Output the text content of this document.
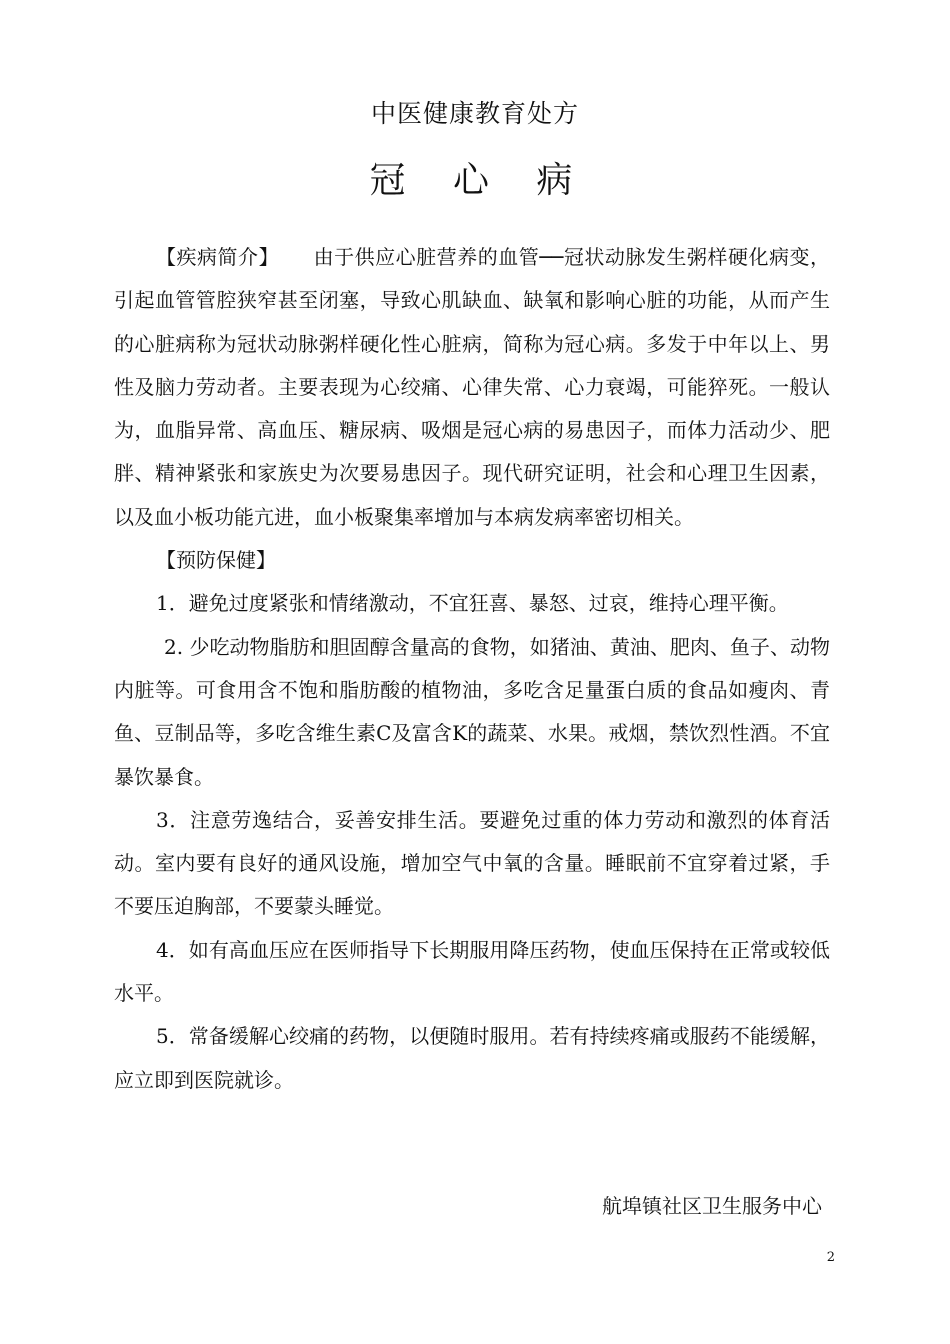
中医健康教育处方
冠 心 病

【疾病简介】 由于供应心脏营养的血管──冠状动脉发生粥样硬化病变，引起血管管腔狭窄甚至闭塞，导致心肌缺血、缺氧和影响心脏的功能，从而产生的心脏病称为冠状动脉粥样硬化性心脏病，简称为冠心病。多发于中年以上、男性及脑力劳动者。主要表现为心绞痛、心律失常、心力衰竭，可能猝死。一般认为，血脂异常、高血压、糖尿病、吸烟是冠心病的易患因子，而体力活动少、肥胖、精神紧张和家族史为次要易患因子。现代研究证明，社会和心理卫生因素，以及血小板功能亢进，血小板聚集率增加与本病发病率密切相关。

【预防保健】

1．避免过度紧张和情绪激动，不宜狂喜、暴怒、过哀，维持心理平衡。

2. 少吃动物脂肪和胆固醇含量高的食物，如猪油、黄油、肥肉、鱼子、动物内脏等。可食用含不饱和脂肪酸的植物油，多吃含足量蛋白质的食品如瘦肉、青鱼、豆制品等，多吃含维生素C及富含K的蔬菜、水果。戒烟，禁饮烈性酒。不宜暴饮暴食。

3．注意劳逸结合，妥善安排生活。要避免过重的体力劳动和激烈的体育活动。室内要有良好的通风设施，增加空气中氧的含量。睡眠前不宜穿着过紧，手不要压迫胸部，不要蒙头睡觉。

4．如有高血压应在医师指导下长期服用降压药物，使血压保持在正常或较低水平。

5．常备缓解心绞痛的药物，以便随时服用。若有持续疼痛或服药不能缓解，应立即到医院就诊。

航埠镇社区卫生服务中心
2
